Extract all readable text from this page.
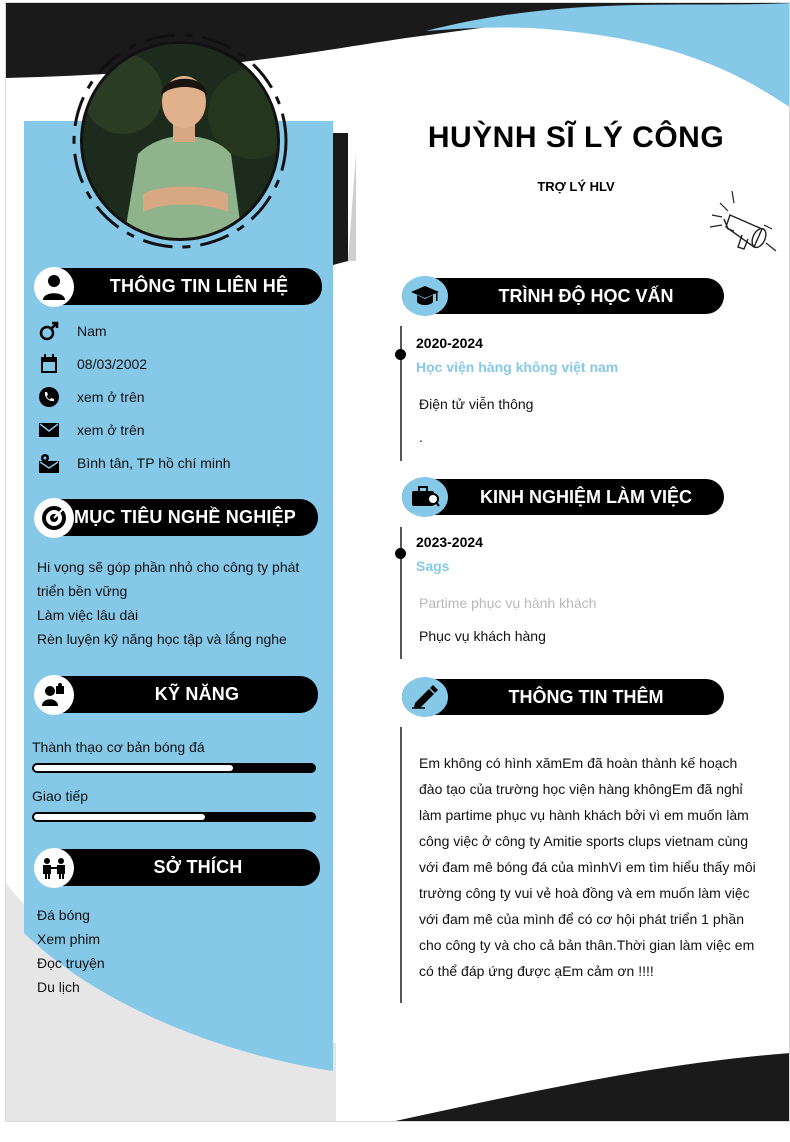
THÔNG TIN LIÊN HỆ
Nam
08/03/2002
xem ở trên
xem ở trên
Bình tân, TP hồ chí minh
MỤC TIÊU NGHỀ NGHIỆP
Hi vọng sẽ góp phần nhỏ cho công ty phát
triển bền vững
Làm việc lâu dài
Rèn luyện kỹ năng học tập và lắng nghe
KỸ NĂNG
Thành thạo cơ bản bóng đá
Giao tiếp
SỞ THÍCH
Đá bóng
Xem phim
Đọc truyện
Du lịch
HUỲNH SĨ LÝ CÔNG
TRỢ LÝ HLV
TRÌNH ĐỘ HỌC VẤN
2020-2024
Học viện hàng không việt nam
Điện tử viễn thông
.
KINH NGHIỆM LÀM VIỆC
2023-2024
Sags
Partime phục vụ hành khách
Phục vụ khách hàng
THÔNG TIN THÊM
Em không có hình xămEm đã hoàn thành kế hoạch đào tạo của trường học viện hàng khôngEm đã nghỉ làm partime phục vụ hành khách bởi vì em muốn làm công việc ở công ty Amitie sports clups vietnam cùng với đam mê bóng đá của mìnhVì em tìm hiểu thấy môi trường công ty vui vẻ hoà đồng và em muốn làm việc với đam mê của mình để có cơ hội phát triển 1 phần cho công ty và cho cả bản thân.Thời gian làm việc em có thể đáp ứng được ạEm cảm ơn !!!!
